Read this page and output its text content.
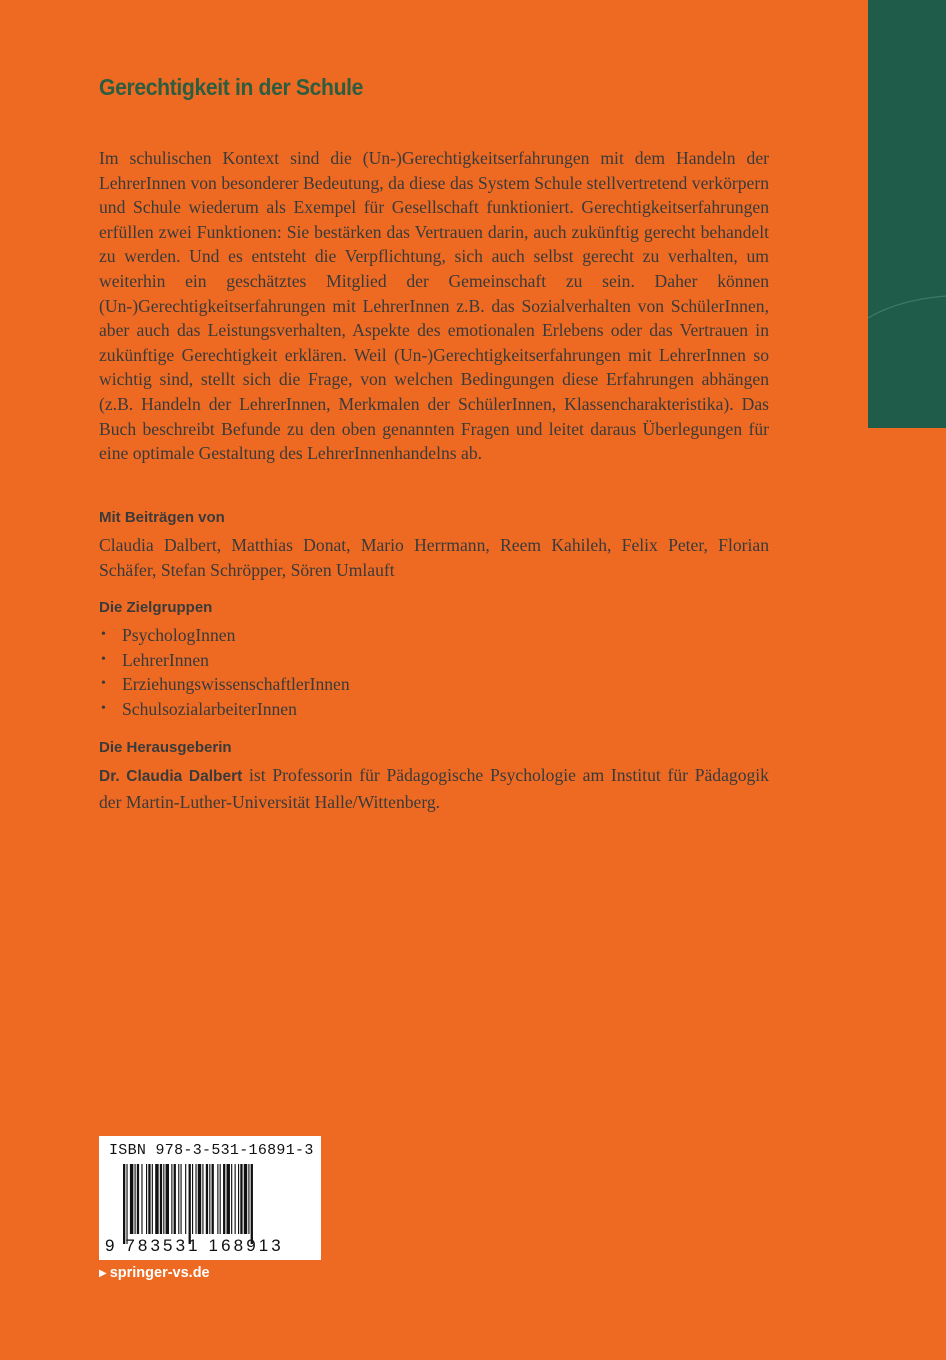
Gerechtigkeit in der Schule

Im schulischen Kontext sind die (Un-)Gerechtigkeitserfahrungen mit dem Handeln der LehrerInnen von besonderer Bedeutung, da diese das System Schule stellvertretend verkörpern und Schule wiederum als Exempel für Gesellschaft funktioniert. Gerechtigkeitserfahrungen erfüllen zwei Funktionen: Sie bestärken das Vertrauen darin, auch zukünftig gerecht behandelt zu werden. Und es entsteht die Verpflichtung, sich auch selbst gerecht zu verhalten, um weiterhin ein geschätztes Mitglied der Gemeinschaft zu sein. Daher können (Un-)Gerechtigkeitserfahrungen mit LehrerInnen z.B. das Sozialverhalten von SchülerInnen, aber auch das Leistungsverhalten, Aspekte des emotionalen Erlebens oder das Vertrauen in zukünftige Gerechtigkeit erklären. Weil (Un-)Gerechtigkeitserfahrungen mit LehrerInnen so wichtig sind, stellt sich die Frage, von welchen Bedingungen diese Erfahrungen abhängen (z.B. Handeln der LehrerInnen, Merkmalen der SchülerInnen, Klassencharakteristika). Das Buch beschreibt Befunde zu den oben genannten Fragen und leitet daraus Überlegungen für eine optimale Gestaltung des LehrerInnenhandelns ab.

Mit Beiträgen von

Claudia Dalbert, Matthias Donat, Mario Herrmann, Reem Kahileh, Felix Peter, Florian Schäfer, Stefan Schröpper, Sören Umlauft

Die Zielgruppen
• PsychologInnen
• LehrerInnen
• ErziehungswissenschaftlerInnen
• SchulsozialarbeiterInnen
Die Herausgeberin

Dr. Claudia Dalbert ist Professorin für Pädagogische Psychologie am Institut für Pädagogik der Martin-Luther-Universität Halle/Wittenberg.

ISBN 978-3-531-16891-3
9 783531 168913
▶ springer-vs.de
